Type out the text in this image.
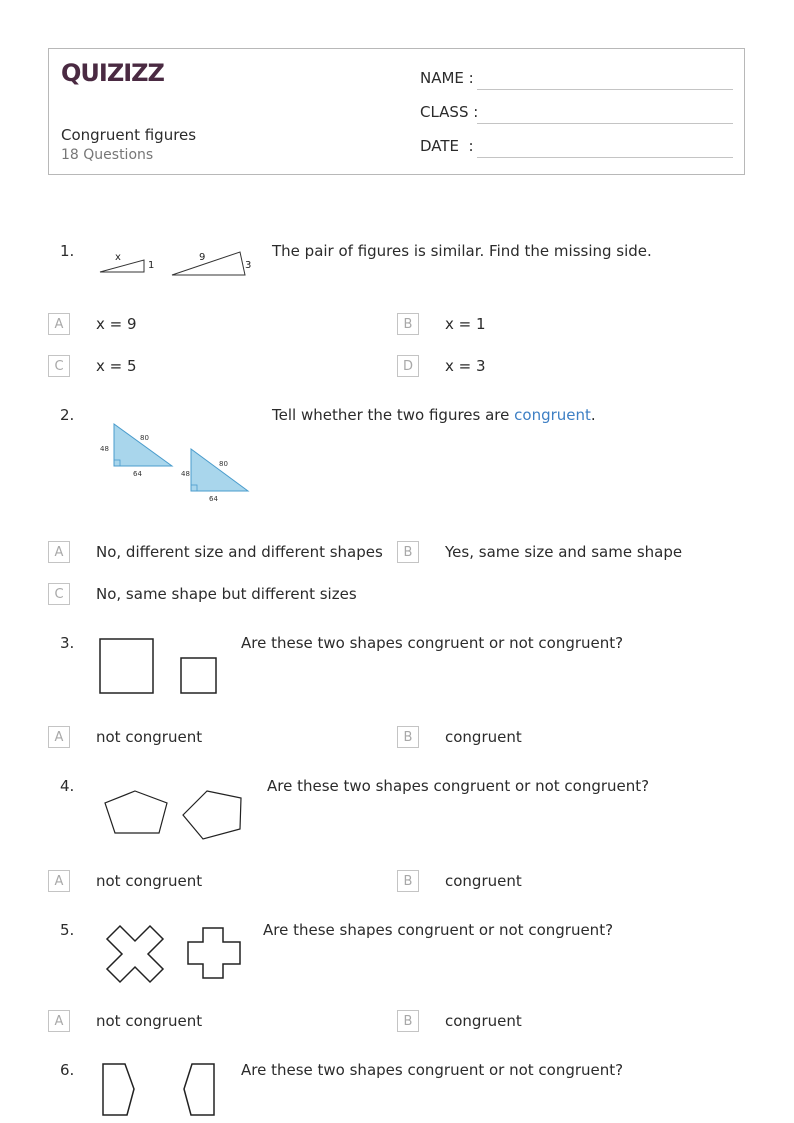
QUIZIZZ
Congruent figures
18 Questions
NAME :
CLASS :
DATE  :
1.	x
1
9
3
The pair of figures is similar. Find the missing side.
A	x = 9	B	x = 1
C	x = 5	D	x = 3
2.
48
80
64	48
80
64
Tell whether the two figures are congruent.
A	No, different size and different shapes	B	Yes, same size and same shape
C	No, same shape but different sizes
3.	Are these two shapes congruent or not congruent?
A	not congruent	B	congruent
4.	Are these two shapes congruent or not congruent?
A	not congruent	B	congruent
5.	Are these shapes congruent or not congruent?
A	not congruent	B	congruent
6.	Are these two shapes congruent or not congruent?
